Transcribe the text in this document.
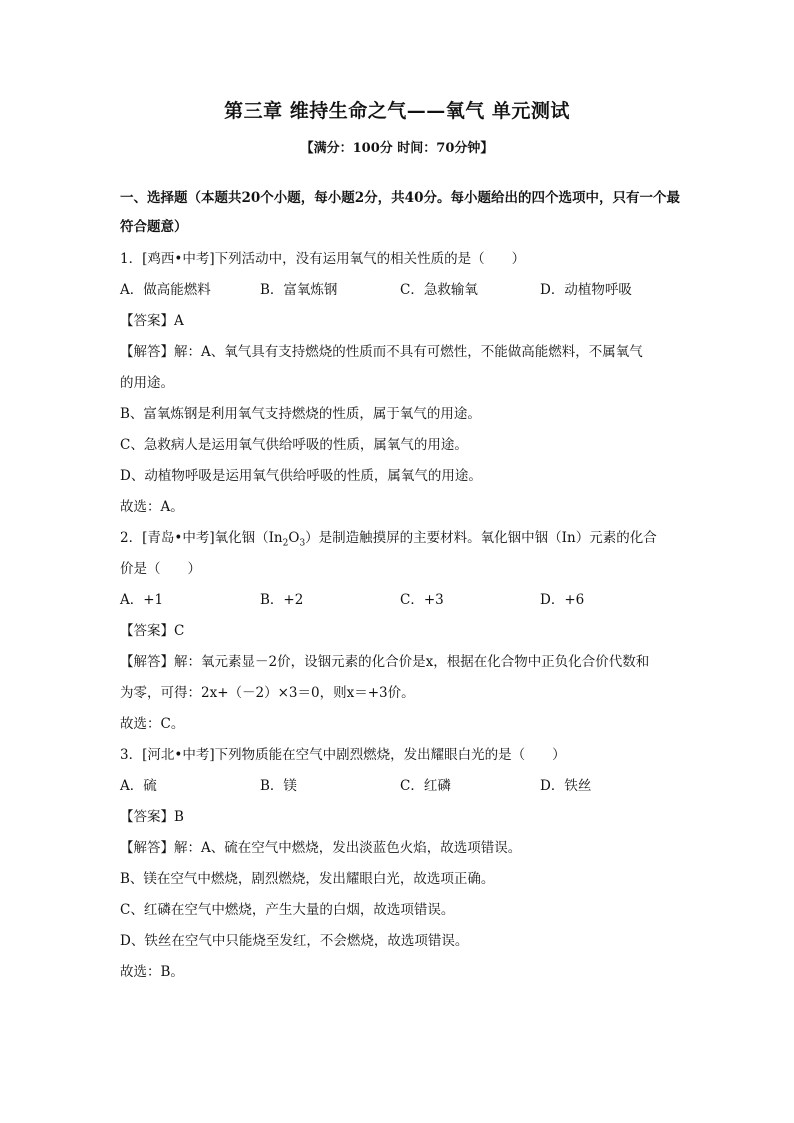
第三章 维持生命之气——氧气 单元测试
【满分：100分 时间：70分钟】
一、选择题（本题共20个小题，每小题2分，共40分。每小题给出的四个选项中，只有一个最符合题意）
1．[鸡西•中考]下列活动中，没有运用氧气的相关性质的是（　　）
A．做高能燃料	B．富氧炼钢	C．急救输氧	D．动植物呼吸
【答案】A
【解答】解：A、氧气具有支持燃烧的性质而不具有可燃性，不能做高能燃料，不属氧气
的用途。
B、富氧炼钢是利用氧气支持燃烧的性质，属于氧气的用途。
C、急救病人是运用氧气供给呼吸的性质，属氧气的用途。
D、动植物呼吸是运用氧气供给呼吸的性质，属氧气的用途。
故选：A。
2．[青岛•中考]氧化铟$(In_2O_3)$是制造触摸屏的主要材料。氧化铟中铟（In）元素的化合
价是（　　）
A．+1	B．+2	C．+3	D．+6
【答案】C
【解答】解：氧元素显－2价，设铟元素的化合价是x，根据在化合物中正负化合价代数和
为零，可得：2x+（－2）×3＝0，则x＝+3价。
故选：C。
3．[河北•中考]下列物质能在空气中剧烈燃烧，发出耀眼白光的是（　　）
A．硫	B．镁	C．红磷	D．铁丝
【答案】B
【解答】解：A、硫在空气中燃烧，发出淡蓝色火焰，故选项错误。
B、镁在空气中燃烧，剧烈燃烧，发出耀眼白光，故选项正确。
C、红磷在空气中燃烧，产生大量的白烟，故选项错误。
D、铁丝在空气中只能烧至发红，不会燃烧，故选项错误。
故选：B。
